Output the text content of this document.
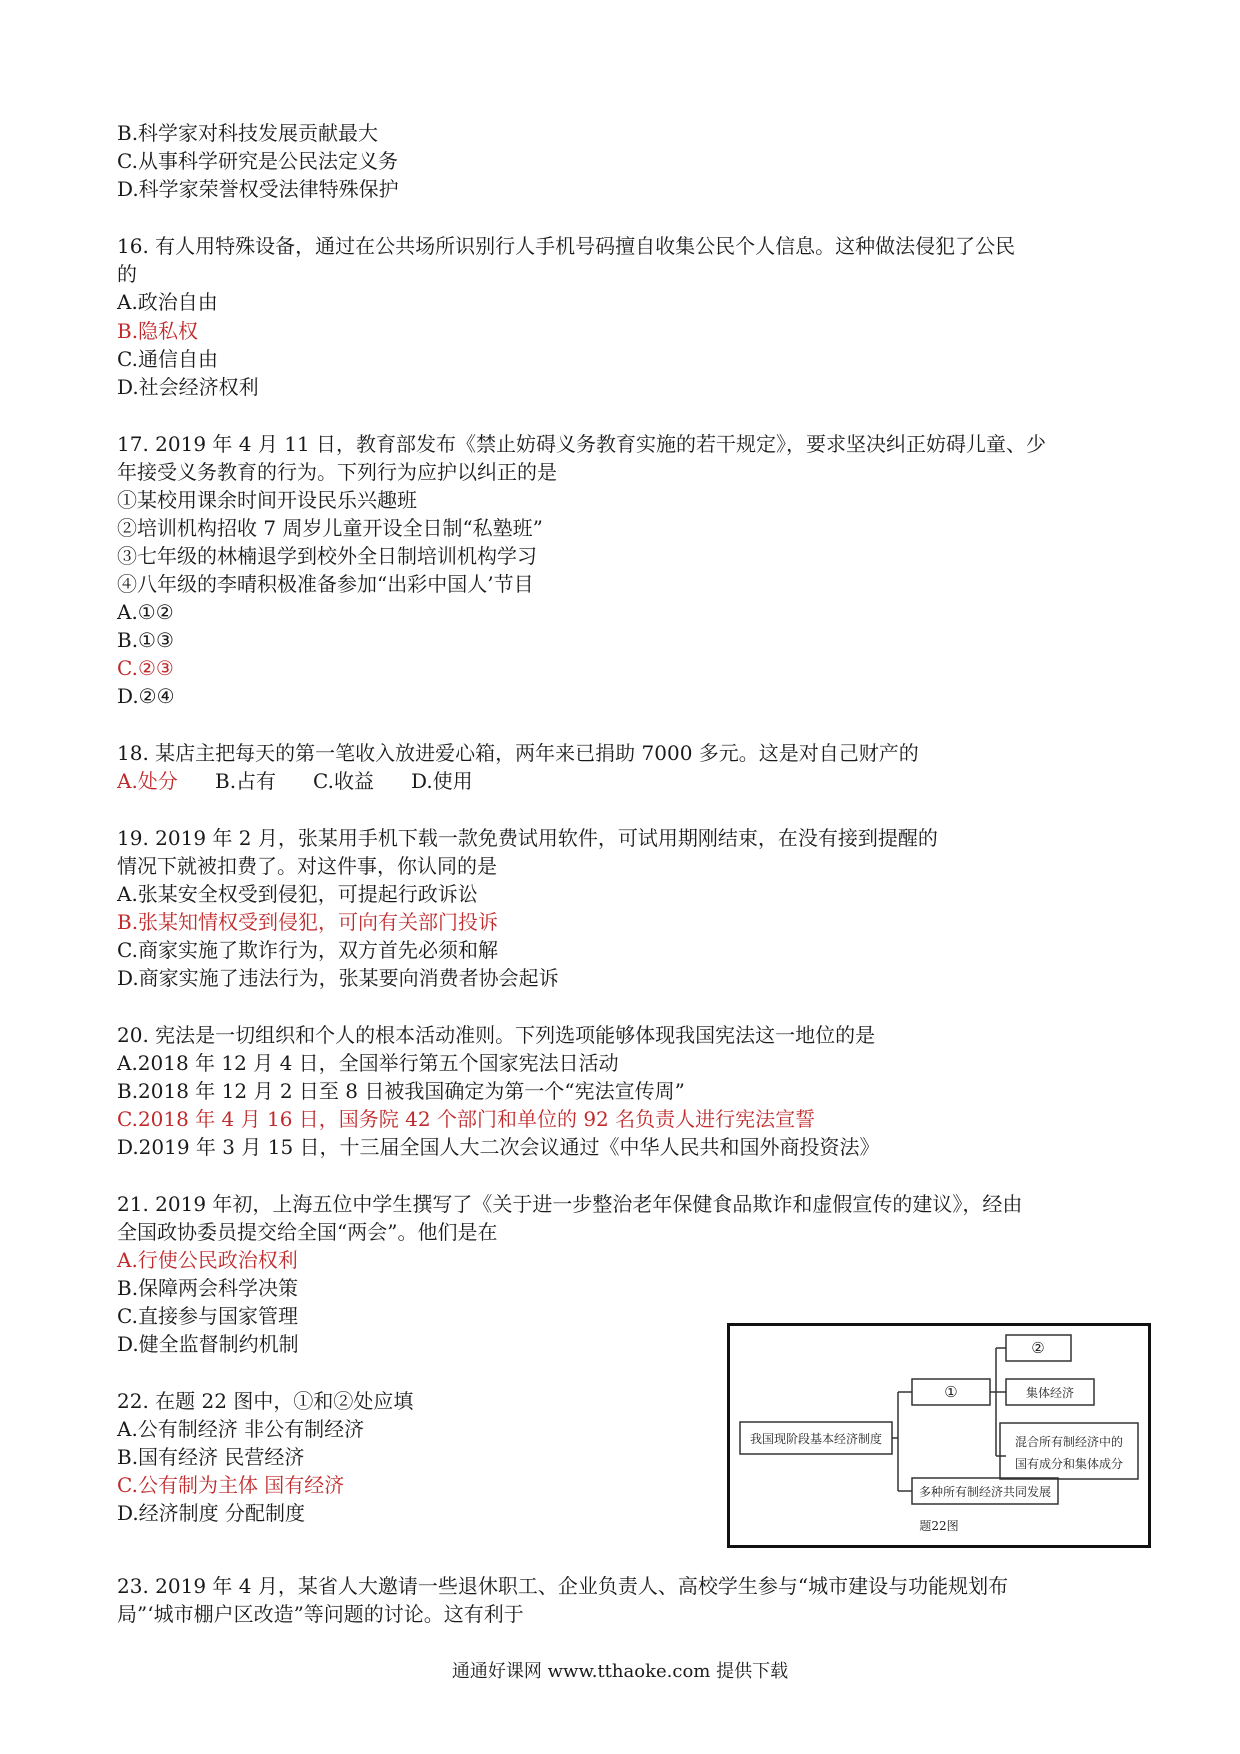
B.科学家对科技发展贡献最大
C.从事科学研究是公民法定义务
D.科学家荣誉权受法律特殊保护
16. 有人用特殊设备，通过在公共场所识别行人手机号码擅自收集公民个人信息。这种做法侵犯了公民
的
A.政治自由
B.隐私权
C.通信自由
D.社会经济权利
17. 2019 年 4 月 11 日，教育部发布《禁止妨碍义务教育实施的若干规定》，要求坚决纠正妨碍儿童、少
年接受义务教育的行为。下列行为应护以纠正的是
①某校用课余时间开设民乐兴趣班
②培训机构招收 7 周岁儿童开设全日制“私塾班”
③七年级的林楠退学到校外全日制培训机构学习
④八年级的李晴积极准备参加“出彩中国人’节目
A.①②
B.①③
C.②③
D.②④
18. 某店主把每天的第一笔收入放进爱心箱，两年来已捐助 7000 多元。这是对自己财产的
A.处分 B.占有 C.收益 D.使用
19. 2019 年 2 月，张某用手机下载一款免费试用软件，可试用期刚结束，在没有接到提醒的
情况下就被扣费了。对这件事，你认同的是
A.张某安全权受到侵犯，可提起行政诉讼
B.张某知情权受到侵犯，可向有关部门投诉
C.商家实施了欺诈行为，双方首先必须和解
D.商家实施了违法行为，张某要向消费者协会起诉
20. 宪法是一切组织和个人的根本活动准则。下列选项能够体现我国宪法这一地位的是
A.2018 年 12 月 4 日，全国举行第五个国家宪法日活动
B.2018 年 12 月 2 日至 8 日被我国确定为第一个“宪法宣传周”
C.2018 年 4 月 16 日，国务院 42 个部门和单位的 92 名负责人进行宪法宣誓
D.2019 年 3 月 15 日，十三届全国人大二次会议通过《中华人民共和国外商投资法》
21. 2019 年初，上海五位中学生撰写了《关于进一步整治老年保健食品欺诈和虚假宣传的建议》，经由
全国政协委员提交给全国“两会”。他们是在
A.行使公民政治权利
B.保障两会科学决策
C.直接参与国家管理
D.健全监督制约机制
22. 在题 22 图中，①和②处应填
A.公有制经济 非公有制经济
B.国有经济 民营经济
C.公有制为主体 国有经济
D.经济制度 分配制度
我国现阶段基本经济制度
①
②
集体经济
混合所有制经济中的
国有成分和集体成分
多种所有制经济共同发展
题22图
23. 2019 年 4 月，某省人大邀请一些退休职工、企业负责人、高校学生参与“城市建设与功能规划布
局”‘城市棚户区改造”等问题的讨论。这有利于
通通好课网 www.tthaoke.com 提供下载
